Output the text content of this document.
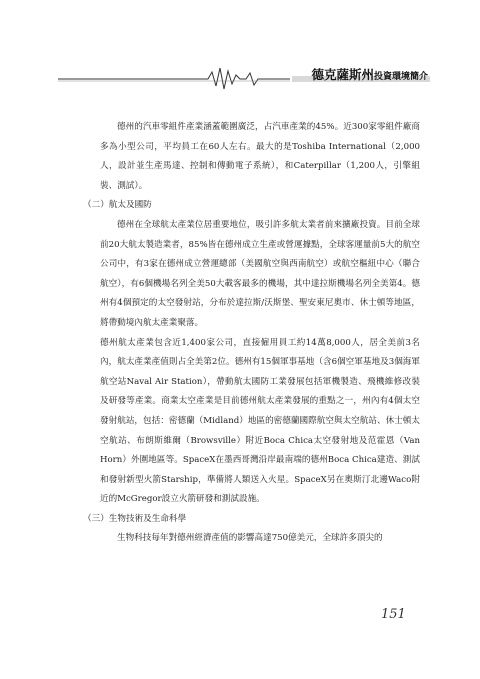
德克薩斯州投資環境簡介

德州的汽車零組件產業涵蓋範圍廣泛，占汽車產業的45%。近300家零組件廠商多為小型公司，平均員工在60人左右。最大的是Toshiba International（2,000人，設計並生產馬達、控制和傳動電子系統），和Caterpillar（1,200人，引擎組裝、測試）。

（二）航太及國防

德州在全球航太產業位居重要地位，吸引許多航太業者前來擴廠投資。目前全球前20大航太製造業者，85%皆在德州成立生產或營運據點，全球客運量前5大的航空公司中，有3家在德州成立營運總部（美國航空與西南航空）或航空樞紐中心（聯合航空），有6個機場名列全美50大載客最多的機場，其中達拉斯機場名列全美第4。德州有4個預定的太空發射站，分布於達拉斯/沃斯堡、聖安東尼奧市、休士頓等地區，將帶動境內航太產業聚落。

德州航太產業包含近1,400家公司，直接僱用員工約14萬8,000人，居全美前3名內，航太產業產值則占全美第2位。德州有15個軍事基地（含6個空軍基地及3個海軍航空站Naval Air Station），帶動航太國防工業發展包括軍機製造、飛機維修改裝及研發等產業。商業太空產業是目前德州航太產業發展的重點之一，州內有4個太空發射航站，包括：密德蘭（Midland）地區的密德蘭國際航空與太空航站、休士頓太空航站、布朗斯維爾（Browsville）附近Boca Chica太空發射地及范霍恩（Van Horn）外圍地區等。SpaceX在墨西哥灣沿岸最南端的德州Boca Chica建造、測試和發射新型火箭Starship，準備將人類送入火星。SpaceX另在奧斯汀北邊Waco附近的McGregor設立火箭研發和測試設施。

（三）生物技術及生命科學

生物科技每年對德州經濟產值的影響高達750億美元，全球許多頂尖的

151
